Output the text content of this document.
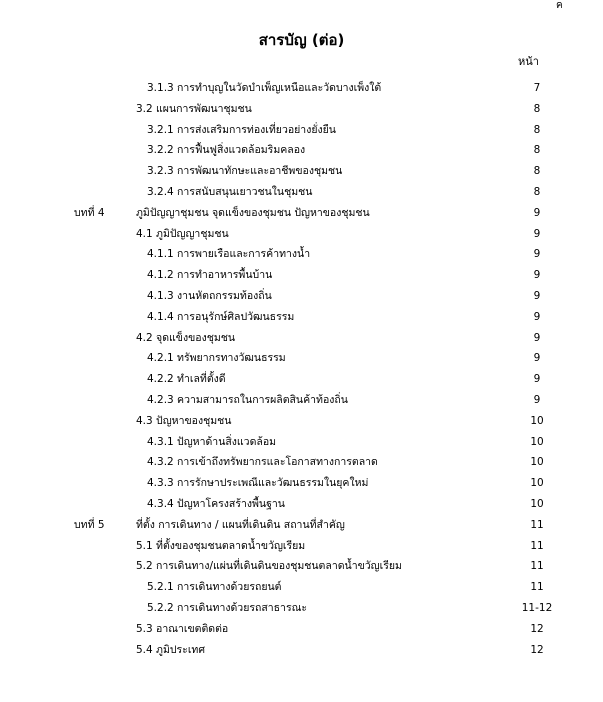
ค
สารบัญ (ต่อ)
หน้า
3.1.3 การทำบุญในวัดบำเพ็ญเหนือและวัดบางเพ็งใต้	7
3.2 แผนการพัฒนาชุมชน	8
3.2.1 การส่งเสริมการท่องเที่ยวอย่างยั่งยืน	8
3.2.2 การฟื้นฟูสิ่งแวดล้อมริมคลอง	8
3.2.3 การพัฒนาทักษะและอาชีพของชุมชน	8
3.2.4 การสนับสนุนเยาวชนในชุมชน	8
บทที่ 4	ภูมิปัญญาชุมชน จุดแข็งของชุมชน ปัญหาของชุมชน	9
4.1 ภูมิปัญญาชุมชน	9
4.1.1 การพายเรือและการค้าทางน้ำ	9
4.1.2 การทำอาหารพื้นบ้าน	9
4.1.3 งานหัตถกรรมท้องถิ่น	9
4.1.4 การอนุรักษ์ศิลปวัฒนธรรม	9
4.2 จุดแข็งของชุมชน	9
4.2.1 ทรัพยากรทางวัฒนธรรม	9
4.2.2 ทำเลที่ตั้งดี	9
4.2.3 ความสามารถในการผลิตสินค้าท้องถิ่น	9
4.3 ปัญหาของชุมชน	10
4.3.1 ปัญหาด้านสิ่งแวดล้อม	10
4.3.2 การเข้าถึงทรัพยากรและโอกาสทางการตลาด	10
4.3.3 การรักษาประเพณีและวัฒนธรรมในยุคใหม่	10
4.3.4 ปัญหาโครงสร้างพื้นฐาน	10
บทที่ 5	ที่ตั้ง การเดินทาง / แผนที่เดินดิน สถานที่สำคัญ	11
5.1 ที่ตั้งของชุมชนตลาดน้ำขวัญเรียม	11
5.2 การเดินทาง/แผ่นที่เดินดินของชุมชนตลาดน้ำขวัญเรียม	11
5.2.1 การเดินทางด้วยรถยนต์	11
5.2.2 การเดินทางด้วยรถสาธารณะ	11-12
5.3 อาณาเขตติดต่อ	12
5.4 ภูมิประเทศ	12
